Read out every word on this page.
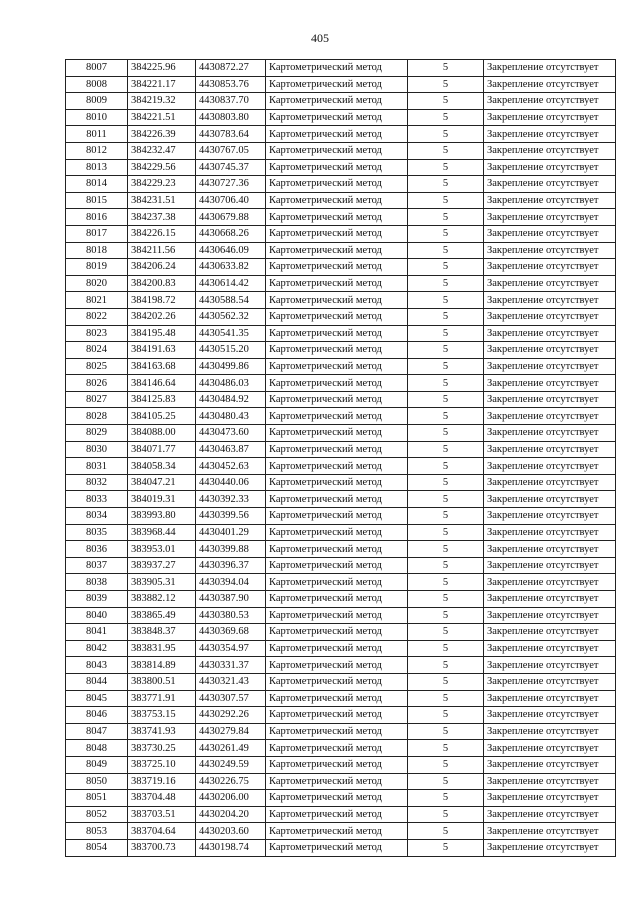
405
8007	384225.96	4430872.27	Картометрический метод	5	Закрепление отсутствует
8008	384221.17	4430853.76	Картометрический метод	5	Закрепление отсутствует
8009	384219.32	4430837.70	Картометрический метод	5	Закрепление отсутствует
8010	384221.51	4430803.80	Картометрический метод	5	Закрепление отсутствует
8011	384226.39	4430783.64	Картометрический метод	5	Закрепление отсутствует
8012	384232.47	4430767.05	Картометрический метод	5	Закрепление отсутствует
8013	384229.56	4430745.37	Картометрический метод	5	Закрепление отсутствует
8014	384229.23	4430727.36	Картометрический метод	5	Закрепление отсутствует
8015	384231.51	4430706.40	Картометрический метод	5	Закрепление отсутствует
8016	384237.38	4430679.88	Картометрический метод	5	Закрепление отсутствует
8017	384226.15	4430668.26	Картометрический метод	5	Закрепление отсутствует
8018	384211.56	4430646.09	Картометрический метод	5	Закрепление отсутствует
8019	384206.24	4430633.82	Картометрический метод	5	Закрепление отсутствует
8020	384200.83	4430614.42	Картометрический метод	5	Закрепление отсутствует
8021	384198.72	4430588.54	Картометрический метод	5	Закрепление отсутствует
8022	384202.26	4430562.32	Картометрический метод	5	Закрепление отсутствует
8023	384195.48	4430541.35	Картометрический метод	5	Закрепление отсутствует
8024	384191.63	4430515.20	Картометрический метод	5	Закрепление отсутствует
8025	384163.68	4430499.86	Картометрический метод	5	Закрепление отсутствует
8026	384146.64	4430486.03	Картометрический метод	5	Закрепление отсутствует
8027	384125.83	4430484.92	Картометрический метод	5	Закрепление отсутствует
8028	384105.25	4430480.43	Картометрический метод	5	Закрепление отсутствует
8029	384088.00	4430473.60	Картометрический метод	5	Закрепление отсутствует
8030	384071.77	4430463.87	Картометрический метод	5	Закрепление отсутствует
8031	384058.34	4430452.63	Картометрический метод	5	Закрепление отсутствует
8032	384047.21	4430440.06	Картометрический метод	5	Закрепление отсутствует
8033	384019.31	4430392.33	Картометрический метод	5	Закрепление отсутствует
8034	383993.80	4430399.56	Картометрический метод	5	Закрепление отсутствует
8035	383968.44	4430401.29	Картометрический метод	5	Закрепление отсутствует
8036	383953.01	4430399.88	Картометрический метод	5	Закрепление отсутствует
8037	383937.27	4430396.37	Картометрический метод	5	Закрепление отсутствует
8038	383905.31	4430394.04	Картометрический метод	5	Закрепление отсутствует
8039	383882.12	4430387.90	Картометрический метод	5	Закрепление отсутствует
8040	383865.49	4430380.53	Картометрический метод	5	Закрепление отсутствует
8041	383848.37	4430369.68	Картометрический метод	5	Закрепление отсутствует
8042	383831.95	4430354.97	Картометрический метод	5	Закрепление отсутствует
8043	383814.89	4430331.37	Картометрический метод	5	Закрепление отсутствует
8044	383800.51	4430321.43	Картометрический метод	5	Закрепление отсутствует
8045	383771.91	4430307.57	Картометрический метод	5	Закрепление отсутствует
8046	383753.15	4430292.26	Картометрический метод	5	Закрепление отсутствует
8047	383741.93	4430279.84	Картометрический метод	5	Закрепление отсутствует
8048	383730.25	4430261.49	Картометрический метод	5	Закрепление отсутствует
8049	383725.10	4430249.59	Картометрический метод	5	Закрепление отсутствует
8050	383719.16	4430226.75	Картометрический метод	5	Закрепление отсутствует
8051	383704.48	4430206.00	Картометрический метод	5	Закрепление отсутствует
8052	383703.51	4430204.20	Картометрический метод	5	Закрепление отсутствует
8053	383704.64	4430203.60	Картометрический метод	5	Закрепление отсутствует
8054	383700.73	4430198.74	Картометрический метод	5	Закрепление отсутствует
